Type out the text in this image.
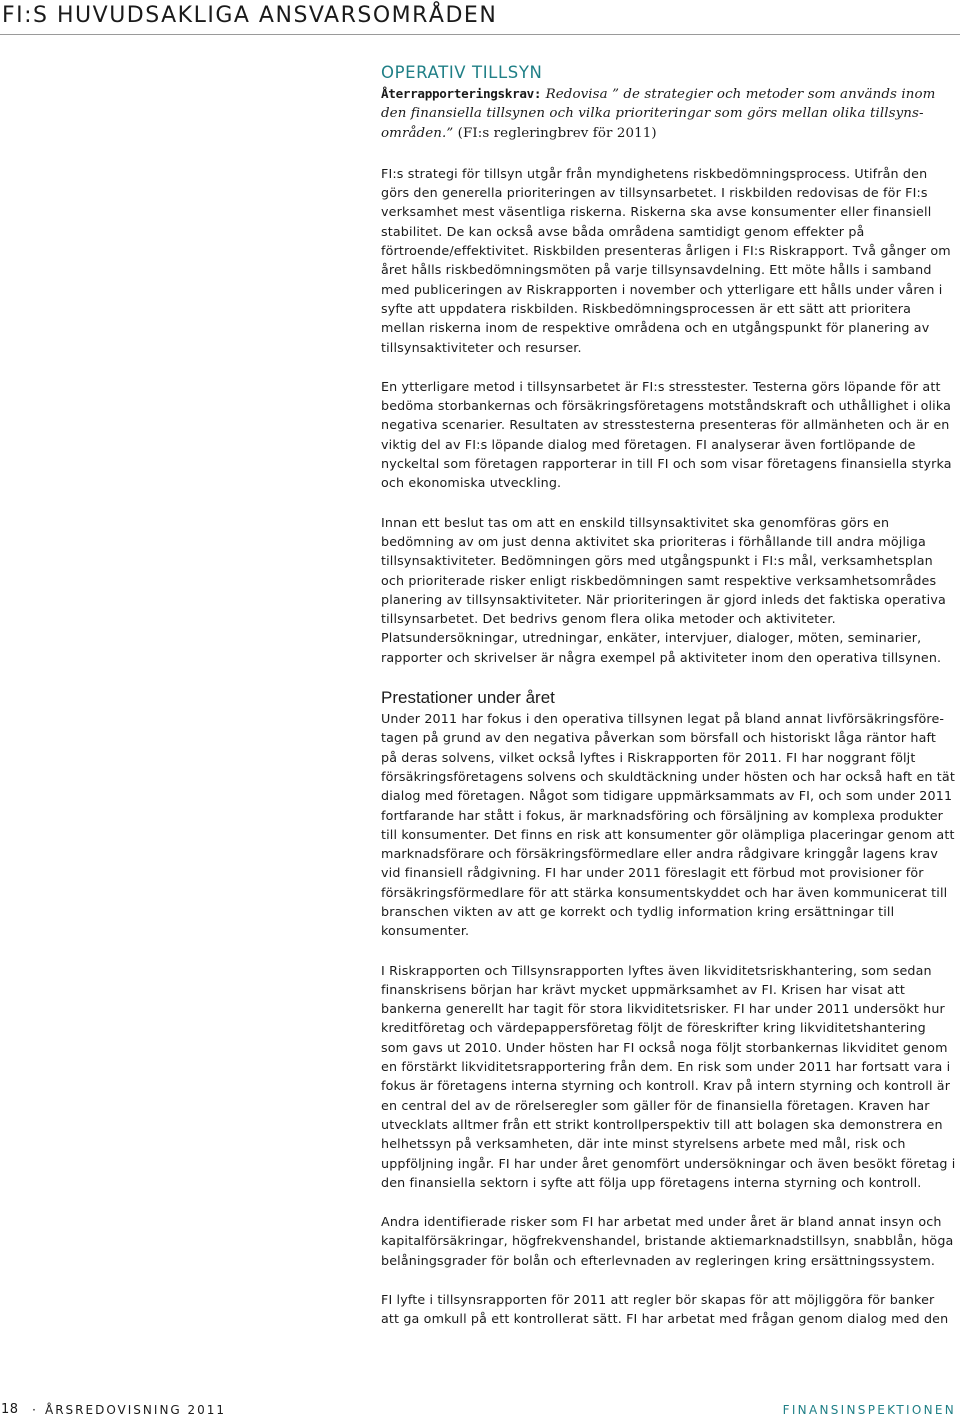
FI:S HUVUDSAKLIGA ANSVARSOMRÅDEN
OPERATIV TILLSYN

Återrapporteringskrav: Redovisa ” de strategier och metoder som används inom den finansiella tillsynen och vilka prioriteringar som görs mellan olika tillsynsområden.” (FI:s regleringbrev för 2011)

FI:s strategi för tillsyn utgår från myndighetens riskbedömningsprocess. Utifrån den görs den generella prioriteringen av tillsynsarbetet. I riskbilden redovisas de för FI:s verksamhet mest väsentliga riskerna. Riskerna ska avse konsumenter eller finansiell stabilitet. De kan också avse båda områdena samtidigt genom effekter på förtroende/effektivitet. Riskbilden presenteras årligen i FI:s Riskrapport. Två gånger om året hålls riskbedömningsmöten på varje tillsynsavdelning. Ett möte hålls i samband med publiceringen av Riskrapporten i november och ytterligare ett hålls under våren i syfte att uppdatera riskbilden. Riskbedömningsprocessen är ett sätt att prioritera mellan riskerna inom de respektive områdena och en utgångspunkt för planering av tillsynsaktiviteter och resurser.

En ytterligare metod i tillsynsarbetet är FI:s stresstester. Testerna görs löpande för att bedöma storbankernas och försäkringsföretagens motståndskraft och uthållighet i olika negativa scenarier. Resultaten av stresstesterna presenteras för allmänheten och är en viktig del av FI:s löpande dialog med företagen. FI analyserar även fortlöpande de nyckeltal som företagen rapporterar in till FI och som visar företagens finansiella styrka och ekonomiska utveckling.

Innan ett beslut tas om att en enskild tillsynsaktivitet ska genomföras görs en bedömning av om just denna aktivitet ska prioriteras i förhållande till andra möjliga tillsynsaktiviteter. Bedömningen görs med utgångspunkt i FI:s mål, verksamhetsplan och prioriterade risker enligt riskbedömningen samt respektive verksamhetsområdes planering av tillsynsaktiviteter. När prioriteringen är gjord inleds det faktiska operativa tillsynsarbetet. Det bedrivs genom flera olika metoder och aktiviteter. Platsundersökningar, utredningar, enkäter, intervjuer, dialoger, möten, seminarier, rapporter och skrivelser är några exempel på aktiviteter inom den operativa tillsynen.

Prestationer under året

Under 2011 har fokus i den operativa tillsynen legat på bland annat livförsäkringsföretagen på grund av den negativa påverkan som börsfall och historiskt låga räntor haft på deras solvens, vilket också lyftes i Riskrapporten för 2011. FI har noggrant följt försäkringsföretagens solvens och skuldtäckning under hösten och har också haft en tät dialog med företagen. Något som tidigare uppmärksammats av FI, och som under 2011 fortfarande har stått i fokus, är marknadsföring och försäljning av komplexa produkter till konsumenter. Det finns en risk att konsumenter gör olämpliga placeringar genom att marknadsförare och försäkringsförmedlare eller andra rådgivare kringgår lagens krav vid finansiell rådgivning. FI har under 2011 föreslagit ett förbud mot provisioner för försäkringsförmedlare för att stärka konsumentskyddet och har även kommunicerat till branschen vikten av att ge korrekt och tydlig information kring ersättningar till konsumenter.

I Riskrapporten och Tillsynsrapporten lyftes även likviditetsriskhantering, som sedan finanskrisens början har krävt mycket uppmärksamhet av FI. Krisen har visat att bankerna generellt har tagit för stora likviditetsrisker. FI har under 2011 undersökt hur kreditföretag och värdepappersföretag följt de föreskrifter kring likviditetshantering som gavs ut 2010. Under hösten har FI också noga följt storbankernas likviditet genom en förstärkt likviditetsrapportering från dem. En risk som under 2011 har fortsatt vara i fokus är företagens interna styrning och kontroll. Krav på intern styrning och kontroll är en central del av de rörelseregler som gäller för de finansiella företagen. Kraven har utvecklats alltmer från ett strikt kontrollperspektiv till att bolagen ska demonstrera en helhetssyn på verksamheten, där inte minst styrelsens arbete med mål, risk och uppföljning ingår. FI har under året genomfört undersökningar och även besökt företag i den finansiella sektorn i syfte att följa upp företagens interna styrning och kontroll.

Andra identifierade risker som FI har arbetat med under året är bland annat insyn och kapitalförsäkringar, högfrekvenshandel, bristande aktiemarknadstillsyn, snabblån, höga belåningsgrader för bolån och efterlevnaden av regleringen kring ersättningssystem.

FI lyfte i tillsynsrapporten för 2011 att regler bör skapas för att möjliggöra för banker att ga omkull på ett kontrollerat sätt. FI har arbetat med frågan genom dialog med den

18 · ÅRSREDOVISNING 2011	FINANSINSPEKTIONEN
